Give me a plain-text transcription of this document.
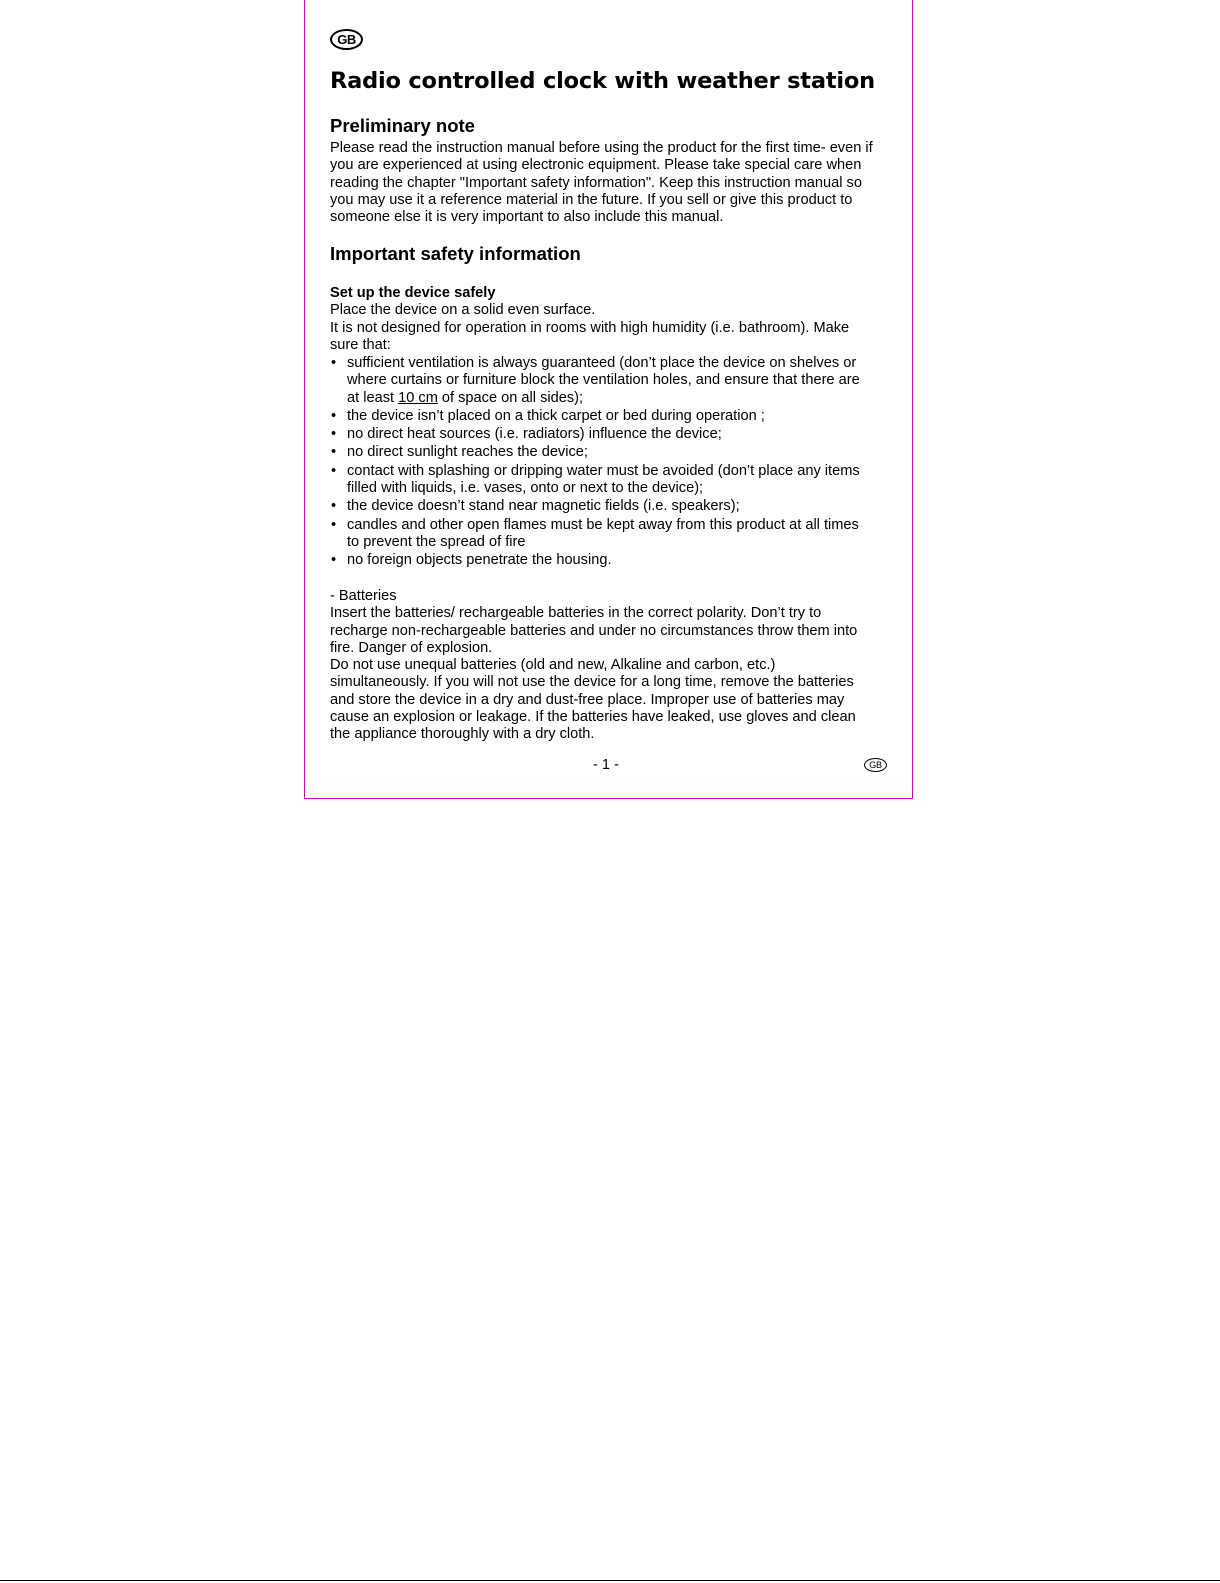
GB
Radio controlled clock with weather station
Preliminary note

Please read the instruction manual before using the product for the first time- even if
you are experienced at using electronic equipment. Please take special care when
reading the chapter "Important safety information". Keep this instruction manual so
you may use it a reference material in the future. If you sell or give this product to
someone else it is very important to also include this manual.

Important safety information

Set up the device safely
Place the device on a solid even surface.
It is not designed for operation in rooms with high humidity (i.e. bathroom). Make
sure that:

• sufficient ventilation is always guaranteed (don’t place the device on shelves or
where curtains or furniture block the ventilation holes, and ensure that there are
at least 10 cm of space on all sides);
• the device isn’t placed on a thick carpet or bed during operation ;
• no direct heat sources (i.e. radiators) influence the device;
• no direct sunlight reaches the device;
• contact with splashing or dripping water must be avoided (don’t place any items
filled with liquids, i.e. vases, onto or next to the device);
• the device doesn’t stand near magnetic fields (i.e. speakers);
• candles and other open flames must be kept away from this product at all times
to prevent the spread of fire
• no foreign objects penetrate the housing.

- Batteries
Insert the batteries/ rechargeable batteries in the correct polarity. Don’t try to
recharge non-rechargeable batteries and under no circumstances throw them into
fire. Danger of explosion.
Do not use unequal batteries (old and new, Alkaline and carbon, etc.)
simultaneously. If you will not use the device for a long time, remove the batteries
and store the device in a dry and dust-free place. Improper use of batteries may
cause an explosion or leakage. If the batteries have leaked, use gloves and clean
the appliance thoroughly with a dry cloth.

- 1 -	GB
